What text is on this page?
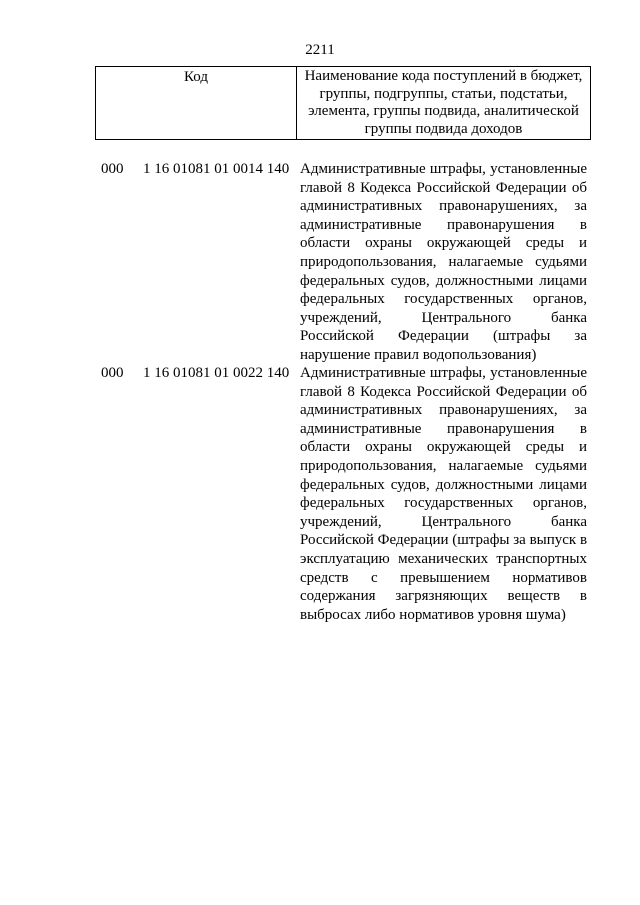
2211
Код	Наименование кода поступлений в бюджет, группы, подгруппы, статьи, подстатьи, элемента, группы подвида, аналитической группы подвида доходов
000 1 16 01081 01 0014 140 Административные штрафы, установленные
главой 8 Кодекса Российской Федерации об
административных правонарушениях, за
административные правонарушения в
области охраны окружающей среды и
природопользования, налагаемые судьями
федеральных судов, должностными лицами
федеральных государственных органов,
учреждений, Центрального банка
Российской Федерации (штрафы за
нарушение правил водопользования)
000 1 16 01081 01 0022 140 Административные штрафы, установленные
главой 8 Кодекса Российской Федерации об
административных правонарушениях, за
административные правонарушения в
области охраны окружающей среды и
природопользования, налагаемые судьями
федеральных судов, должностными лицами
федеральных государственных органов,
учреждений, Центрального банка
Российской Федерации (штрафы за выпуск в
эксплуатацию механических транспортных
средств с превышением нормативов
содержания загрязняющих веществ в
выбросах либо нормативов уровня шума)
